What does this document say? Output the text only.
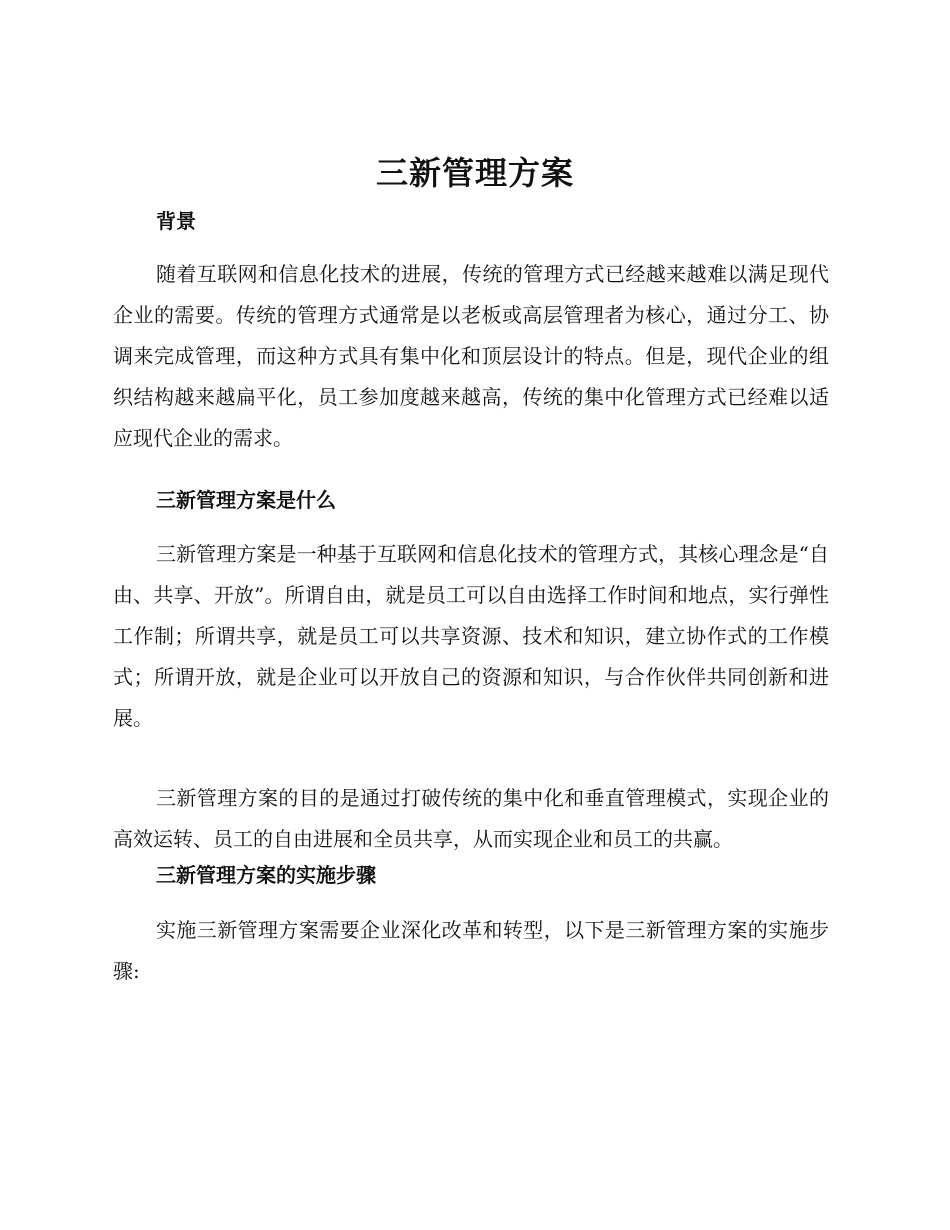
三新管理方案
背景

随着互联网和信息化技术的进展，传统的管理方式已经越来越难以满足现代企业的需要。传统的管理方式通常是以老板或高层管理者为核心，通过分工、协调来完成管理，而这种方式具有集中化和顶层设计的特点。但是，现代企业的组织结构越来越扁平化，员工参加度越来越高，传统的集中化管理方式已经难以适应现代企业的需求。

三新管理方案是什么

三新管理方案是一种基于互联网和信息化技术的管理方式，其核心理念是“自由、共享、开放”。所谓自由，就是员工可以自由选择工作时间和地点，实行弹性工作制；所谓共享，就是员工可以共享资源、技术和知识，建立协作式的工作模式；所谓开放，就是企业可以开放自己的资源和知识，与合作伙伴共同创新和进展。

三新管理方案的目的是通过打破传统的集中化和垂直管理模式，实现企业的高效运转、员工的自由进展和全员共享，从而实现企业和员工的共赢。

三新管理方案的实施步骤

实施三新管理方案需要企业深化改革和转型，以下是三新管理方案的实施步骤:
